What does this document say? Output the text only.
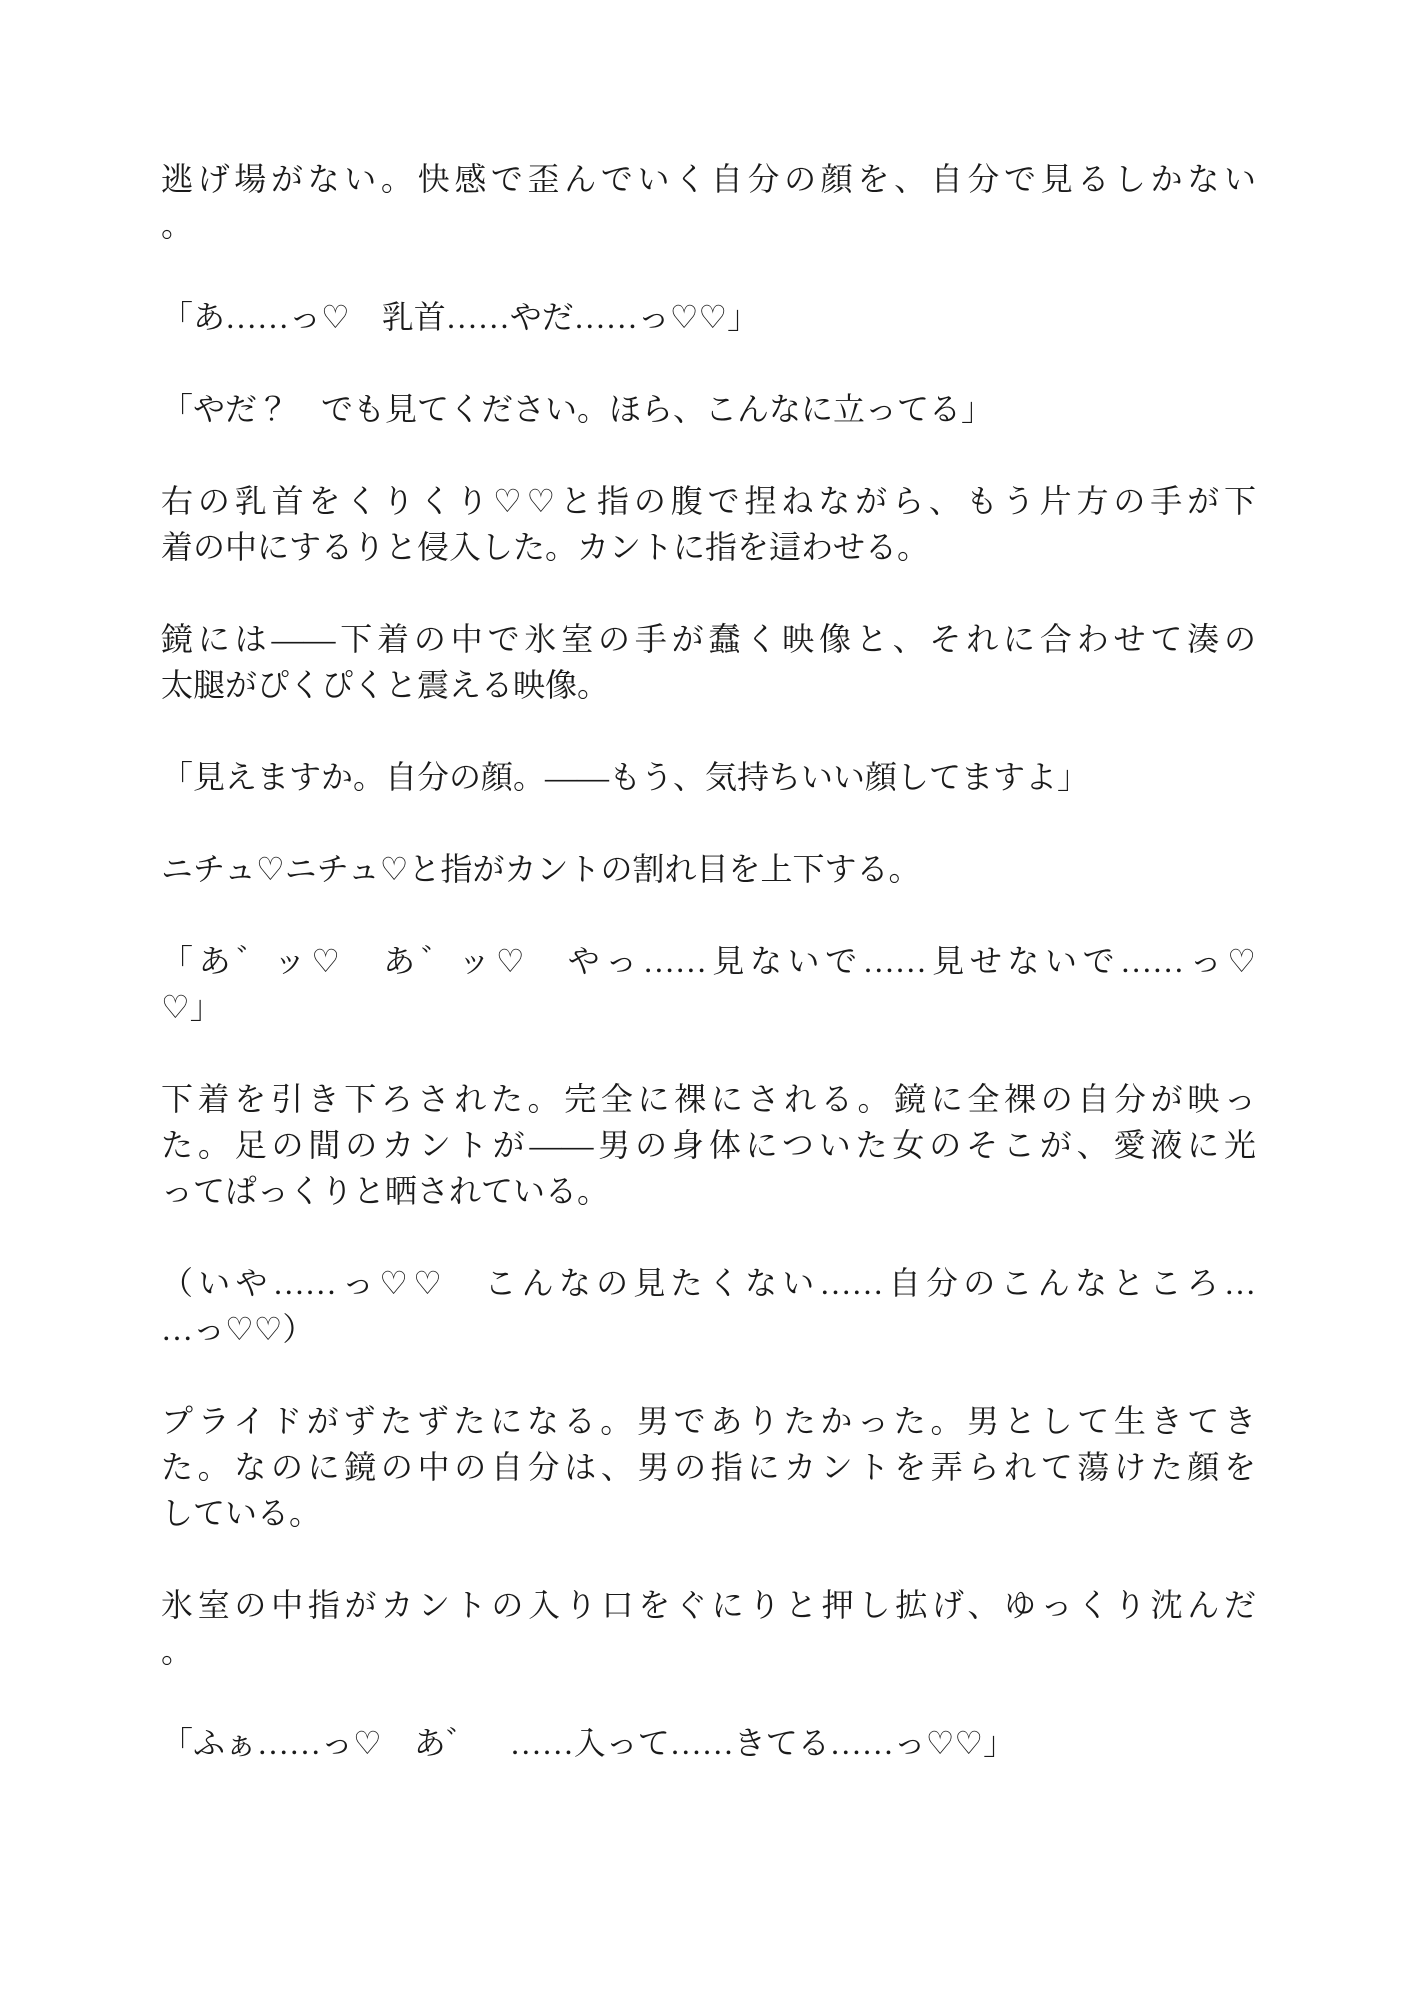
逃げ場がない。快感で歪んでいく自分の顔を、自分で見るしかない
。
「あ……っ♡　乳首……やだ……っ♡♡」
「やだ？　でも見てください。ほら、こんなに立ってる」
右の乳首をくりくり♡♡と指の腹で捏ねながら、もう片方の手が下
着の中にするりと侵入した。カントに指を這わせる。
鏡には――下着の中で氷室の手が蠢く映像と、それに合わせて湊の
太腿がぴくぴくと震える映像。
「見えますか。自分の顔。――もう、気持ちいい顔してますよ」
ニチュ♡ニチュ♡と指がカントの割れ目を上下する。
「あ゛ッ♡　あ゛ッ♡　やっ……見ないで……見せないで……っ♡
♡」
下着を引き下ろされた。完全に裸にされる。鏡に全裸の自分が映っ
た。足の間のカントが――男の身体についた女のそこが、愛液に光
ってぱっくりと晒されている。
（いや……っ♡♡　こんなの見たくない……自分のこんなところ…
…っ♡♡）
プライドがずたずたになる。男でありたかった。男として生きてき
た。なのに鏡の中の自分は、男の指にカントを弄られて蕩けた顔を
している。
氷室の中指がカントの入り口をぐにりと押し拡げ、ゆっくり沈んだ
。
「ふぁ……っ♡　あ゛　……入って……きてる……っ♡♡」
